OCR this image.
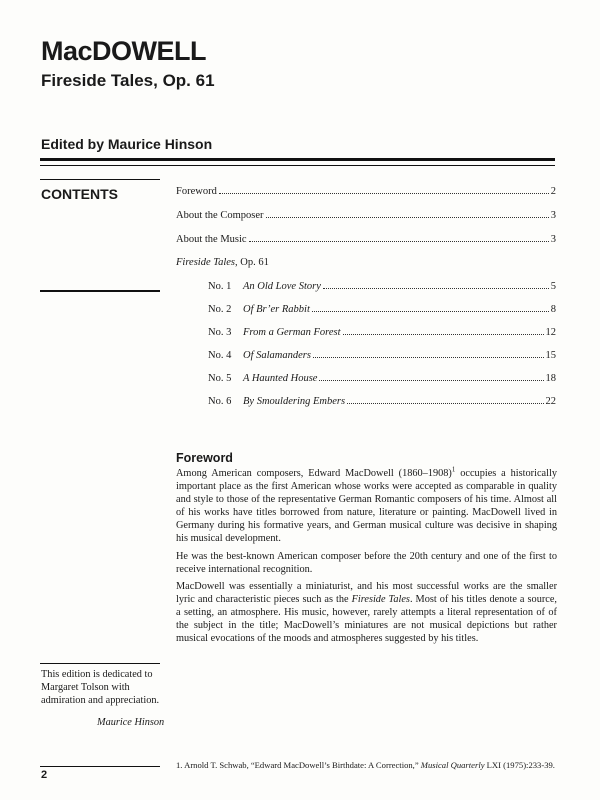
MacDOWELL
Fireside Tales, Op. 61
Edited by Maurice Hinson
CONTENTS	Foreword	2
About the Composer	3
About the Music	3
Fireside Tales, Op. 61
No. 1	An Old Love Story	5
No. 2	Of Br’er Rabbit	8
No. 3	From a German Forest	12
No. 4	Of Salamanders	15
No. 5	A Haunted House	18
No. 6	By Smouldering Embers	22
Foreword

Among American composers, Edward MacDowell (1860–1908)$^1$ occupies a historically important place as the first American whose works were accepted as comparable in quality and style to those of the representative German Romantic composers of his time. Almost all of his works have titles borrowed from nature, literature or painting. MacDowell lived in Germany during his formative years, and German musical culture was decisive in shaping his musical development.

He was the best-known American composer before the 20th century and one of the first to receive international recognition.

MacDowell was essentially a miniaturist, and his most successful works are the smaller lyric and characteristic pieces such as the Fireside Tales. Most of his titles denote a source, a setting, an atmosphere. His music, however, rarely attempts a literal representation of of the subject in the title; MacDowell’s miniatures are not musical depictions but rather musical evocations of the moods and atmospheres suggested by his titles.

This edition is dedicated to Margaret Tolson with admiration and appreciation.
Maurice Hinson
2
1. Arnold T. Schwab, “Edward MacDowell’s Birthdate: A Correction,” Musical Quarterly LXI (1975):233-39.
